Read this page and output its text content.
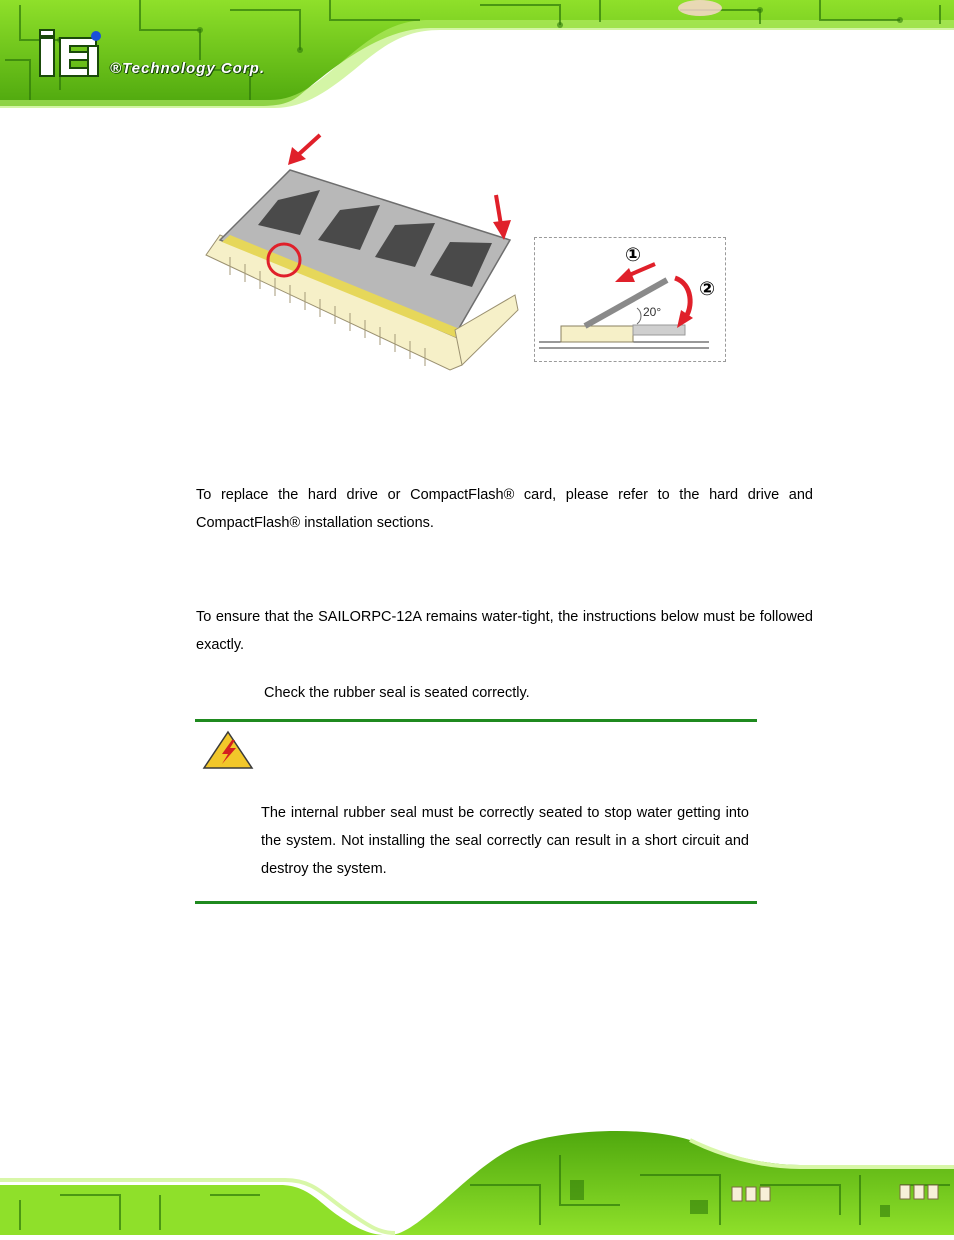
®Technology Corp.
20°
①
②
To replace the hard drive or CompactFlash® card, please refer to the hard drive and CompactFlash® installation sections.
To ensure that the SAILORPC-12A remains water-tight, the instructions below must be followed exactly.
Check the rubber seal is seated correctly.
The internal rubber seal must be correctly seated to stop water getting into the system. Not installing the seal correctly can result in a short circuit and destroy the system.
